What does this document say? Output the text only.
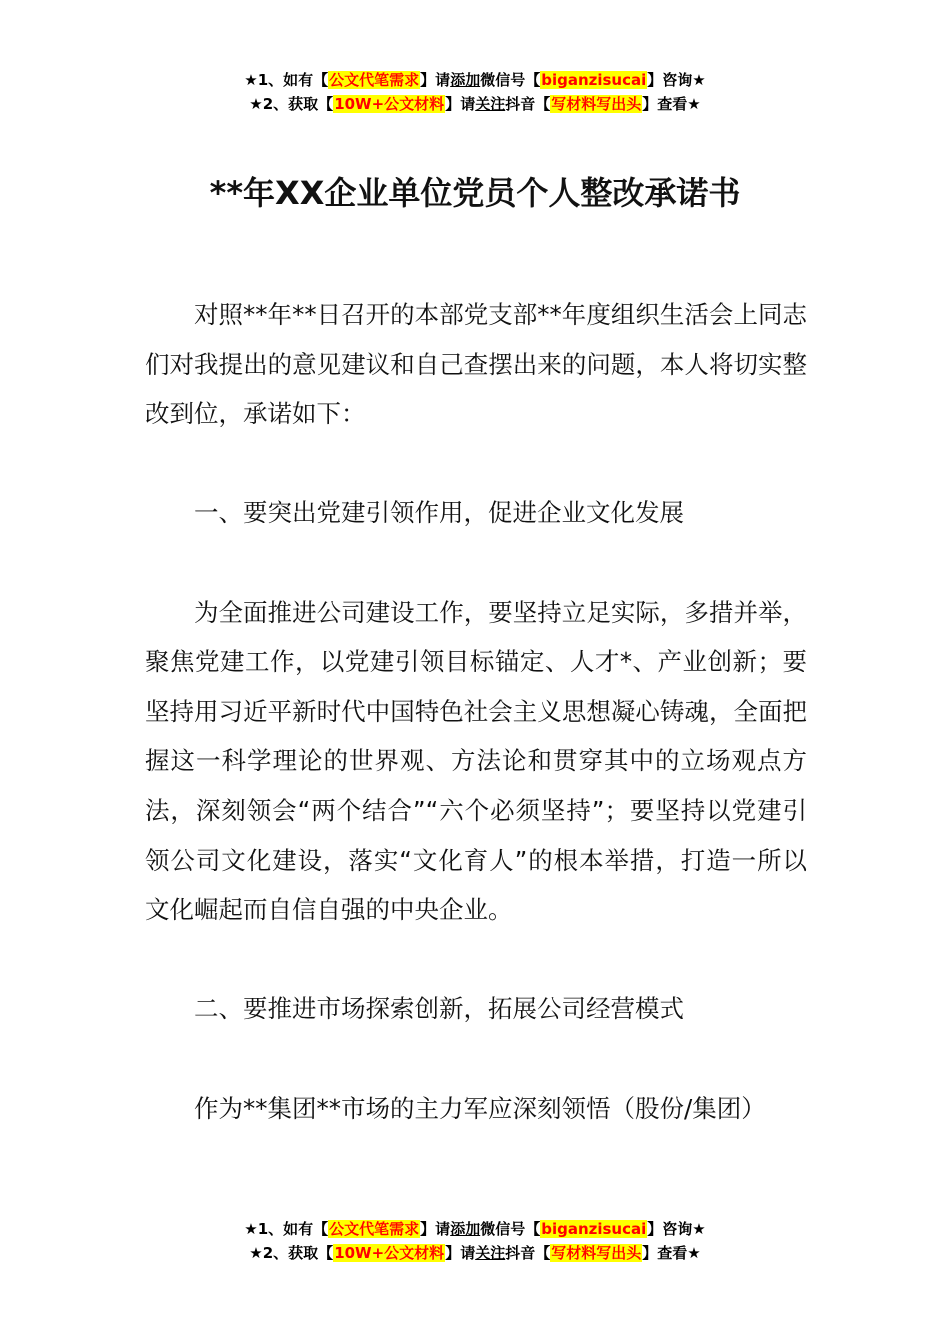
★1、如有【公文代笔需求】请添加微信号【biganzisucai】咨询★
★2、获取【10W+公文材料】请关注抖音【写材料写出头】查看★
**年XX企业单位党员个人整改承诺书

对照**年**日召开的本部党支部**年度组织生活会上同志们对我提出的意见建议和自己查摆出来的问题，本人将切实整改到位，承诺如下：

一、要突出党建引领作用，促进企业文化发展

为全面推进公司建设工作，要坚持立足实际，多措并举，聚焦党建工作，以党建引领目标锚定、人才*、产业创新；要坚持用习近平新时代中国特色社会主义思想凝心铸魂，全面把握这一科学理论的世界观、方法论和贯穿其中的立场观点方法，深刻领会“两个结合”“六个必须坚持”；要坚持以党建引领公司文化建设，落实“文化育人”的根本举措，打造一所以文化崛起而自信自强的中央企业。

二、要推进市场探索创新，拓展公司经营模式

作为**集团**市场的主力军应深刻领悟（股份/集团）

★1、如有【公文代笔需求】请添加微信号【biganzisucai】咨询★
★2、获取【10W+公文材料】请关注抖音【写材料写出头】查看★
